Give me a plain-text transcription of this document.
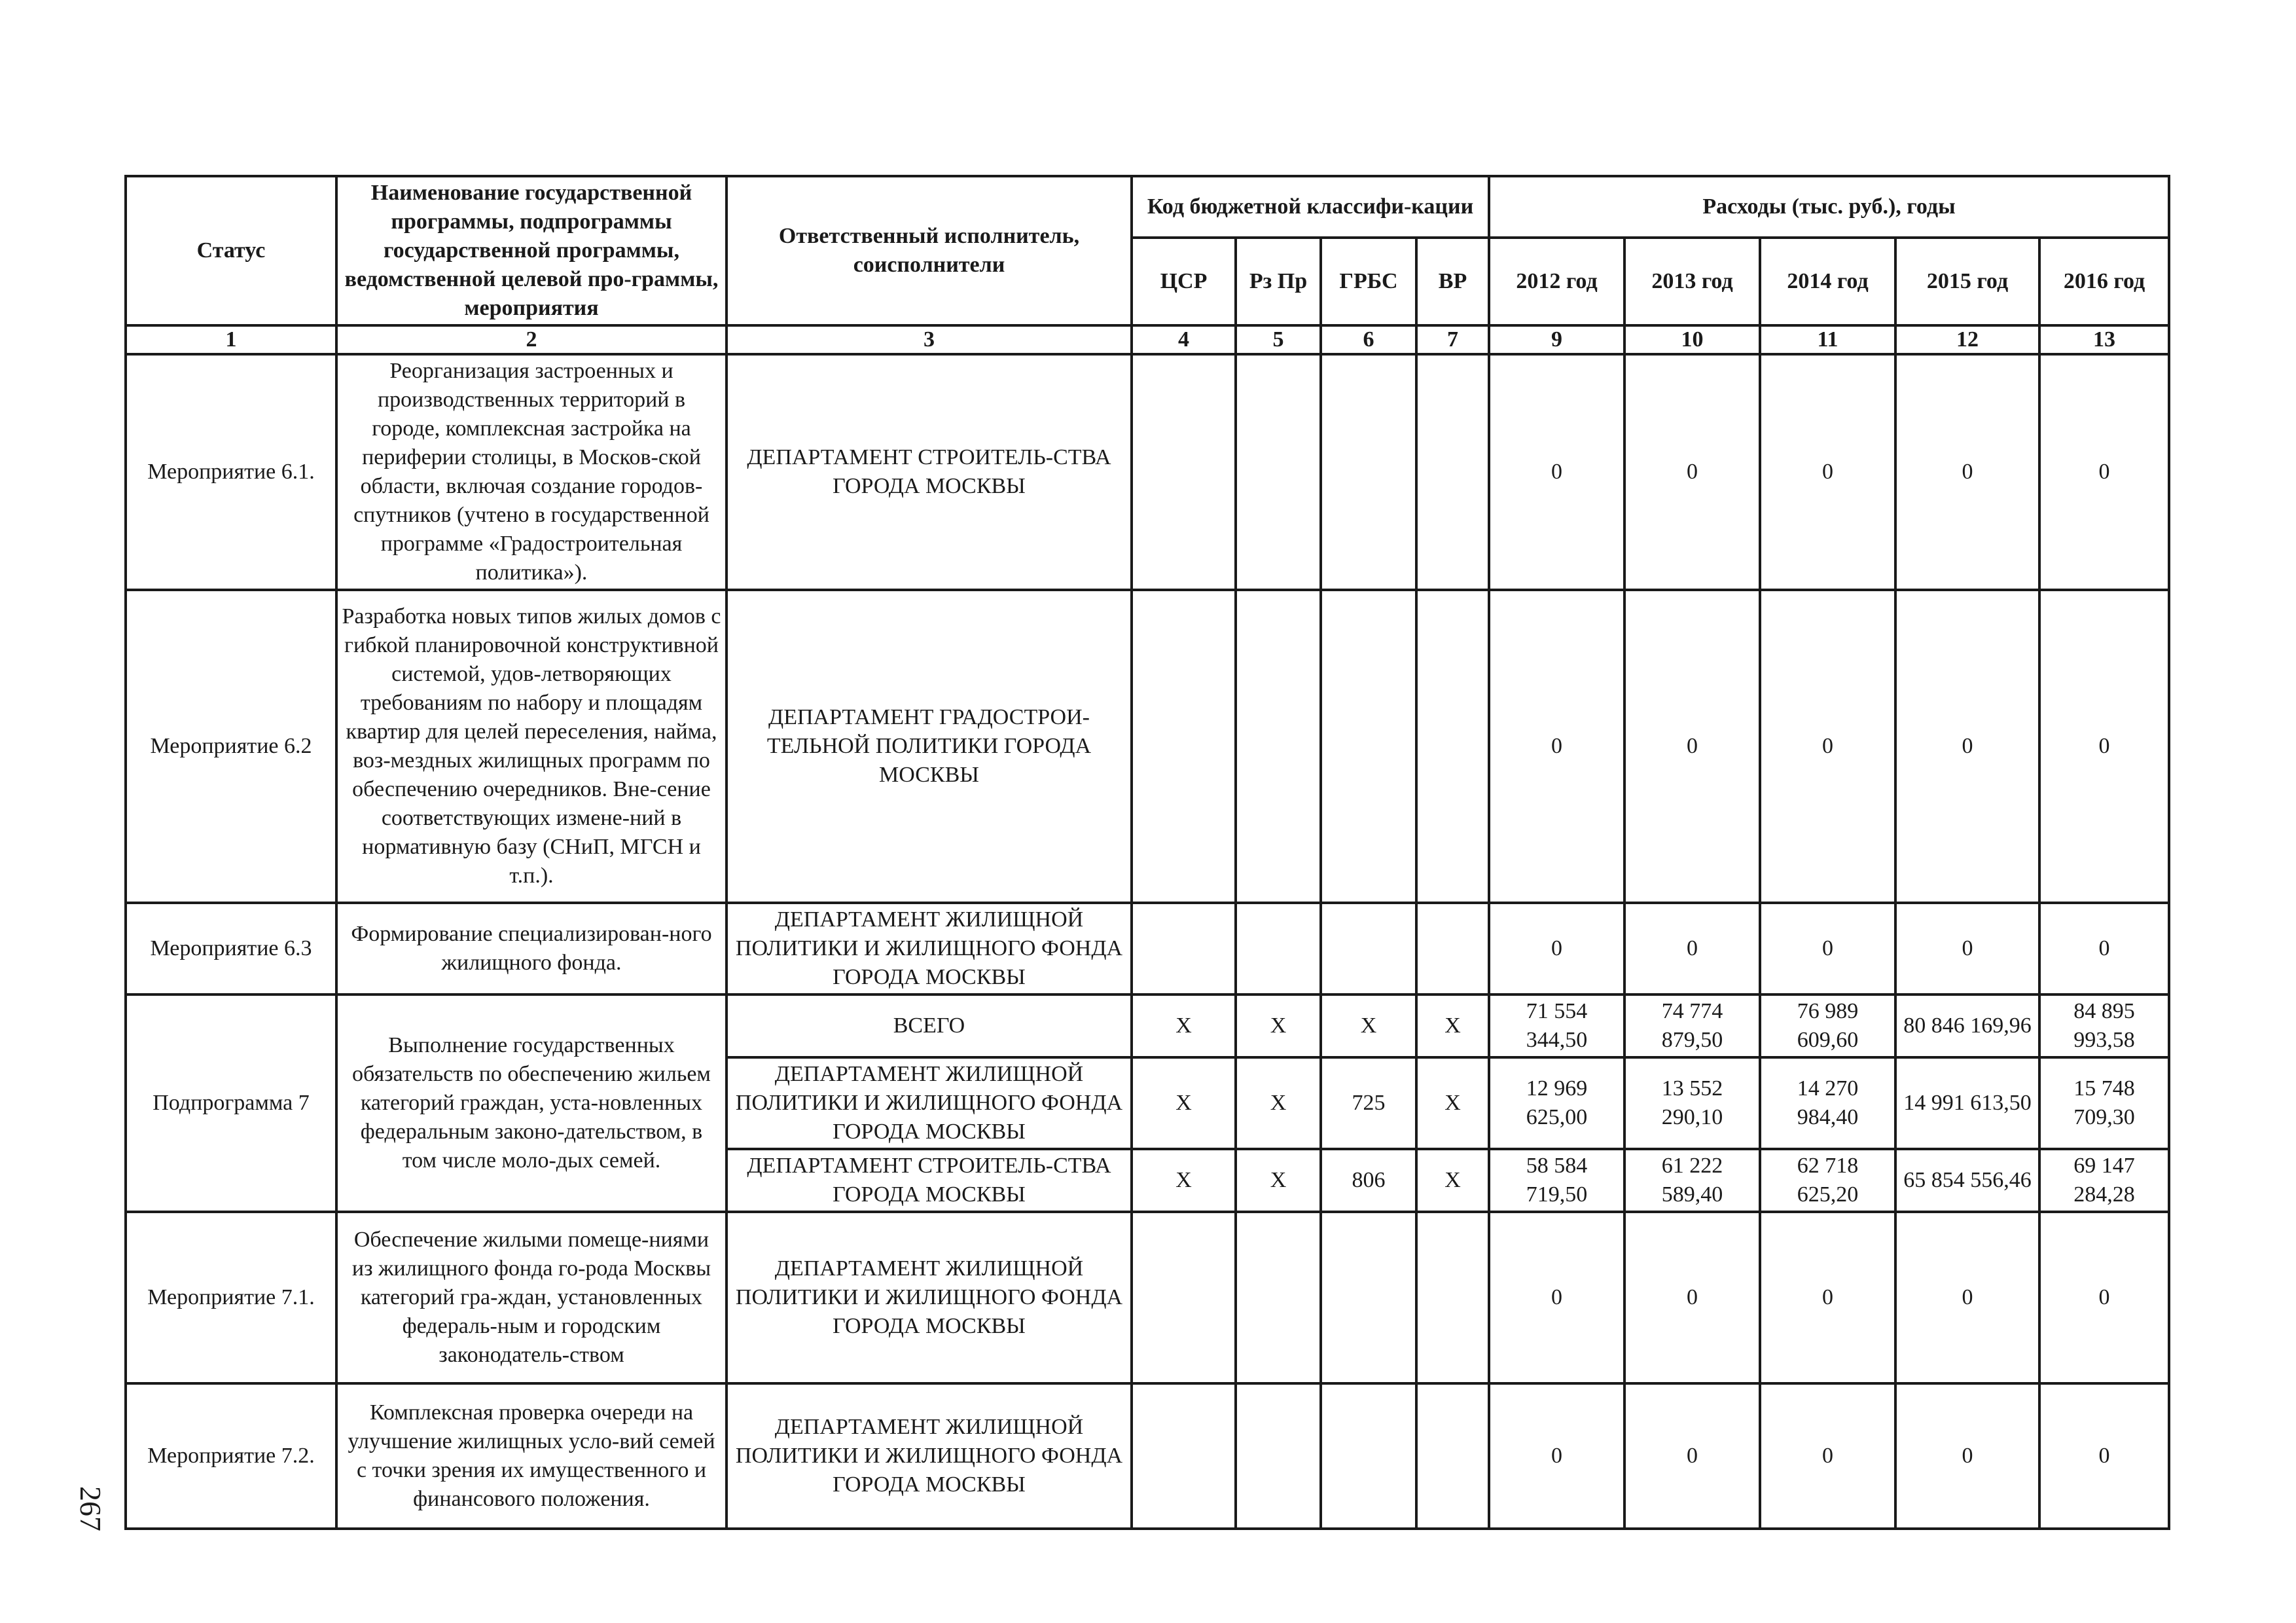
Статус	Наименование государственной программы, подпрограммы государственной программы, ведомственной целевой про-граммы, мероприятия	Ответственный исполнитель, соисполнители	Код бюджетной классифи-кации				Расходы (тыс. руб.), годы				
			ЦСР	Рз Пр	ГРБС	ВР	2012 год	2013 год	2014 год	2015 год	2016 год
1	2	3	4	5	6	7	9	10	11	12	13
Мероприятие 6.1.	Реорганизация застроенных и производственных территорий в городе, комплексная застройка на периферии столицы, в Москов-ской области, включая создание городов-спутников (учтено в государственной программе «Градостроительная политика»).	ДЕПАРТАМЕНТ СТРОИТЕЛЬ-СТВА ГОРОДА МОСКВЫ					0	0	0	0	0
Мероприятие 6.2	Разработка новых типов жилых домов с гибкой планировочной конструктивной системой, удов-летворяющих требованиям по набору и площадям квартир для целей переселения, найма, воз-мездных жилищных программ по обеспечению очередников. Вне-сение соответствующих измене-ний в нормативную базу (СНиП, МГСН и т.п.).	ДЕПАРТАМЕНТ ГРАДОСТРОИ-ТЕЛЬНОЙ ПОЛИТИКИ ГОРОДА МОСКВЫ					0	0	0	0	0
Мероприятие 6.3	Формирование специализирован-ного жилищного фонда.	ДЕПАРТАМЕНТ ЖИЛИЩНОЙ ПОЛИТИКИ И ЖИЛИЩНОГО ФОНДА ГОРОДА МОСКВЫ					0	0	0	0	0
Подпрограмма 7	Выполнение государственных обязательств по обеспечению жильем категорий граждан, уста-новленных федеральным законо-дательством, в том числе моло-дых семей.	ВСЕГО	Х	Х	Х	Х	71 554 344,50	74 774 879,50	76 989 609,60	80 846 169,96	84 895 993,58
		ДЕПАРТАМЕНТ ЖИЛИЩНОЙ ПОЛИТИКИ И ЖИЛИЩНОГО ФОНДА ГОРОДА МОСКВЫ	Х	Х	725	Х	12 969 625,00	13 552 290,10	14 270 984,40	14 991 613,50	15 748 709,30
		ДЕПАРТАМЕНТ СТРОИТЕЛЬ-СТВА ГОРОДА МОСКВЫ	Х	Х	806	Х	58 584 719,50	61 222 589,40	62 718 625,20	65 854 556,46	69 147 284,28
Мероприятие 7.1.	Обеспечение жилыми помеще-ниями из жилищного фонда го-рода Москвы категорий гра-ждан, установленных федераль-ным и городским законодатель-ством	ДЕПАРТАМЕНТ ЖИЛИЩНОЙ ПОЛИТИКИ И ЖИЛИЩНОГО ФОНДА ГОРОДА МОСКВЫ					0	0	0	0	0
Мероприятие 7.2.	Комплексная проверка очереди на улучшение жилищных усло-вий семей с точки зрения их имущественного и финансового положения.	ДЕПАРТАМЕНТ ЖИЛИЩНОЙ ПОЛИТИКИ И ЖИЛИЩНОГО ФОНДА ГОРОДА МОСКВЫ					0	0	0	0	0
267
